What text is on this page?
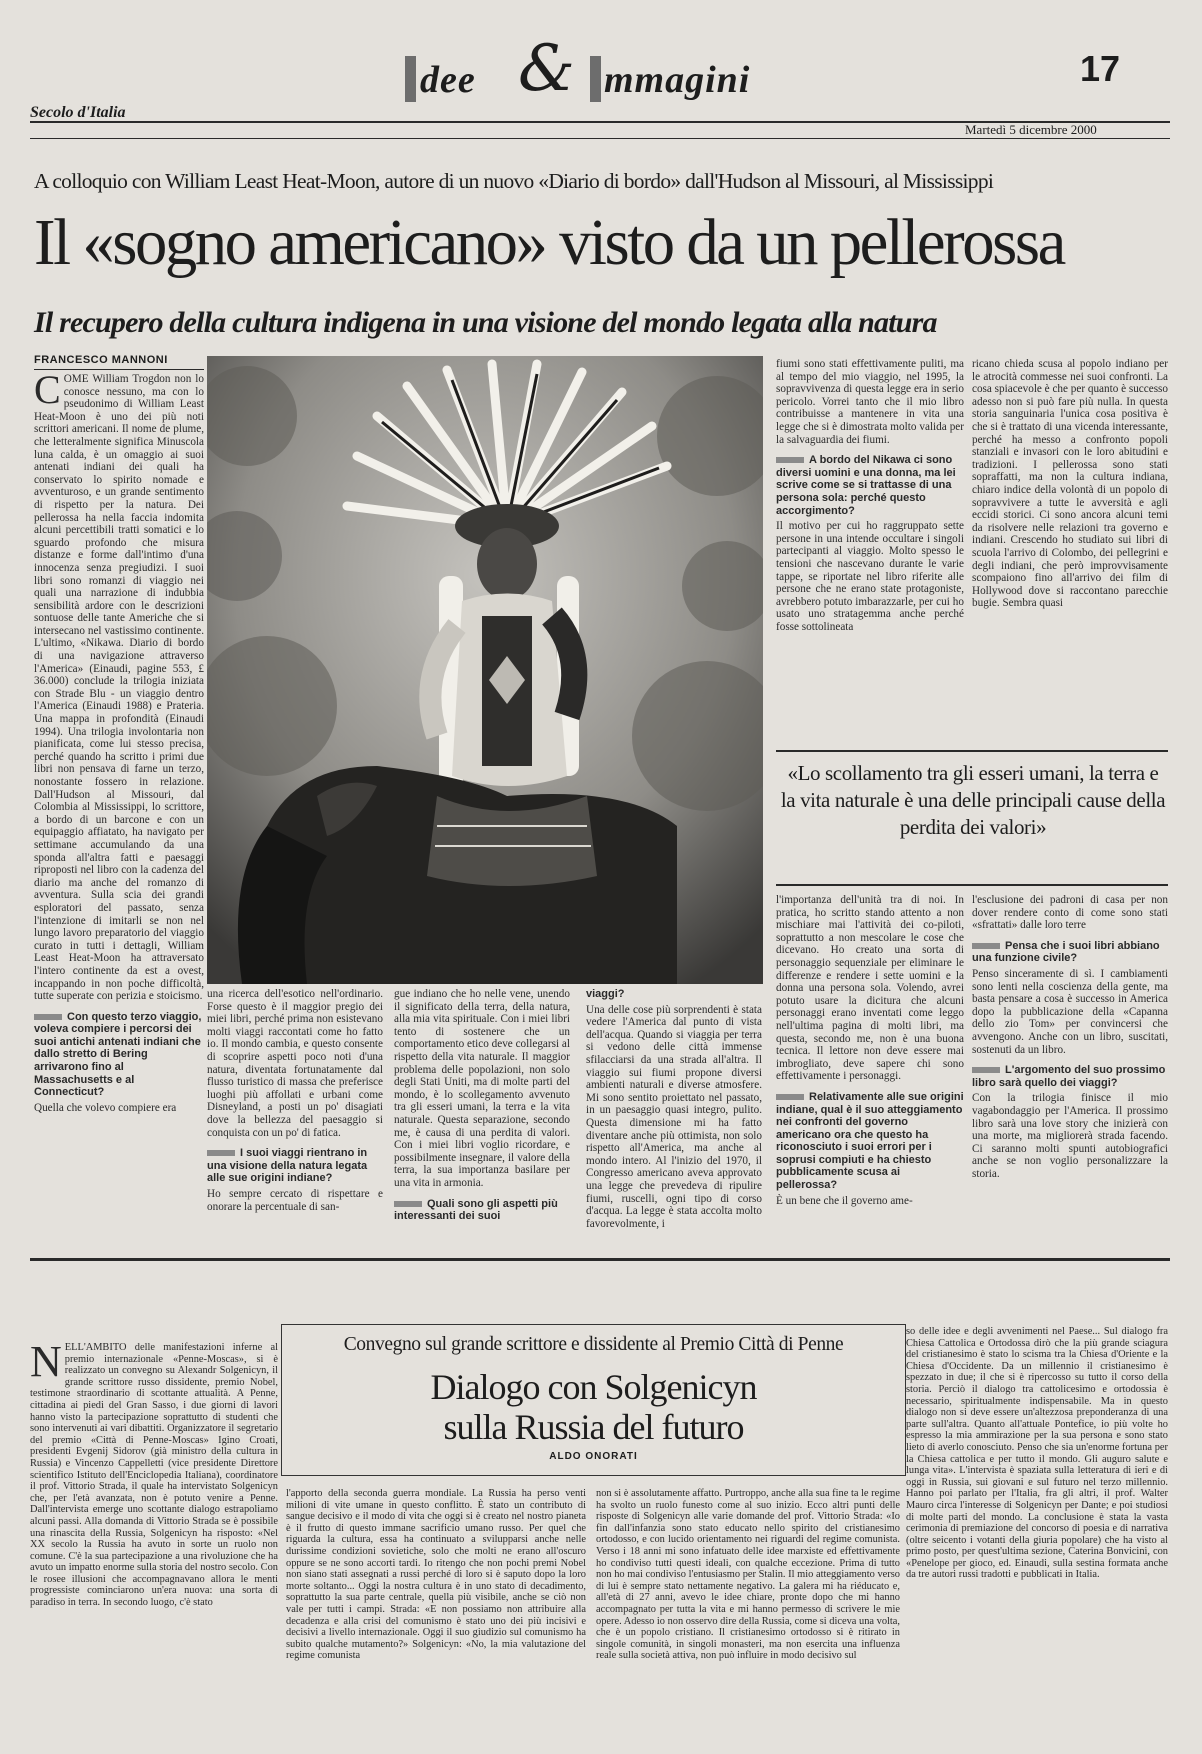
dee & mmagini	17
Secolo d'Italia
Martedì 5 dicembre 2000
A colloquio con William Least Heat-Moon, autore di un nuovo «Diario di bordo» dall'Hudson al Missouri, al Mississippi
Il «sogno americano» visto da un pellerossa
Il recupero della cultura indigena in una visione del mondo legata alla natura
FRANCESCO MANNONI
C OME William Trogdon non lo conosce nessuno, ma con lo pseudonimo di William Least Heat-Moon è uno dei più noti scrittori americani. Il nome de plume, che letteralmente significa Minuscola luna calda, è un omaggio ai suoi antenati indiani dei quali ha conservato lo spirito nomade e avventuroso, e un grande sentimento di rispetto per la natura. Dei pellerossa ha nella faccia indomita alcuni percettibili tratti somatici e lo sguardo profondo che misura distanze e forme dall'intimo d'una innocenza senza pregiudizi. I suoi libri sono romanzi di viaggio nei quali una narrazione di indubbia sensibilità ardore con le descrizioni sontuose delle tante Americhe che si intersecano nel vastissimo continente. L'ultimo, «Nikawa. Diario di bordo di una navigazione attraverso l'America» (Einaudi, pagine 553, £ 36.000) conclude la trilogia iniziata con Strade Blu - un viaggio dentro l'America (Einaudi 1988) e Prateria. Una mappa in profondità (Einaudi 1994). Una trilogia involontaria non pianificata, come lui stesso precisa, perché quando ha scritto i primi due libri non pensava di farne un terzo, nonostante fossero in relazione. Dall'Hudson al Missouri, dal Colombia al Mississippi, lo scrittore, a bordo di un barcone e con un equipaggio affiatato, ha navigato per settimane accumulando da una sponda all'altra fatti e paesaggi riproposti nel libro con la cadenza del diario ma anche del romanzo di avventura. Sulla scia dei grandi esploratori del passato, senza l'intenzione di imitarli se non nel lungo lavoro preparatorio del viaggio curato in tutti i dettagli, William Least Heat-Moon ha attraversato l'intero continente da est a ovest, incappando in non poche difficoltà, tutte superate con perizia e stoicismo.
Con questo terzo viaggio, voleva compiere i percorsi dei suoi antichi antenati indiani che dallo stretto di Bering arrivarono fino al Massachusetts e al Connecticut?
Quella che volevo compiere era
una ricerca dell'esotico nell'ordinario. Forse questo è il maggior pregio dei miei libri, perché prima non esistevano molti viaggi raccontati come ho fatto io. Il mondo cambia, e questo consente di scoprire aspetti poco noti d'una natura, diventata fortunatamente dal flusso turistico di massa che preferisce luoghi più affollati e urbani come Disneyland, a posti un po' disagiati dove la bellezza del paesaggio si conquista con un po' di fatica.
I suoi viaggi rientrano in una visione della natura legata alle sue origini indiane?
Ho sempre cercato di rispettare e onorare la percentuale di san-
gue indiano che ho nelle vene, unendo il significato della terra, della natura, alla mia vita spirituale. Con i miei libri tento di sostenere che un comportamento etico deve collegarsi al rispetto della vita naturale. Il maggior problema delle popolazioni, non solo degli Stati Uniti, ma di molte parti del mondo, è lo scollegamento avvenuto tra gli esseri umani, la terra e la vita naturale. Questa separazione, secondo me, è causa di una perdita di valori. Con i miei libri voglio ricordare, e possibilmente insegnare, il valore della terra, la sua importanza basilare per una vita in armonia.
Quali sono gli aspetti più interessanti dei suoi
viaggi?
Una delle cose più sorprendenti è stata vedere l'America dal punto di vista dell'acqua. Quando si viaggia per terra si vedono delle città immense sfilacciarsi da una strada all'altra. Il viaggio sui fiumi propone diversi ambienti naturali e diverse atmosfere. Mi sono sentito proiettato nel passato, in un paesaggio quasi integro, pulito. Questa dimensione mi ha fatto diventare anche più ottimista, non solo rispetto all'America, ma anche al mondo intero. Al l'inizio del 1970, il Congresso americano aveva approvato una legge che prevedeva di ripulire fiumi, ruscelli, ogni tipo di corso d'acqua. La legge è stata accolta molto favorevolmente, i
fiumi sono stati effettivamente puliti, ma al tempo del mio viaggio, nel 1995, la sopravvivenza di questa legge era in serio pericolo. Vorrei tanto che il mio libro contribuisse a mantenere in vita una legge che si è dimostrata molto valida per la salvaguardia dei fiumi.
A bordo del Nikawa ci sono diversi uomini e una donna, ma lei scrive come se si trattasse di una persona sola: perché questo accorgimento?
Il motivo per cui ho raggruppato sette persone in una intende occultare i singoli partecipanti al viaggio. Molto spesso le tensioni che nascevano durante le varie tappe, se riportate nel libro riferite alle persone che ne erano state protagoniste, avrebbero potuto imbarazzarle, per cui ho usato uno stratagemma anche perché fosse sottolineata
ricano chieda scusa al popolo indiano per le atrocità commesse nei suoi confronti. La cosa spiacevole è che per quanto è successo adesso non si può fare più nulla. In questa storia sanguinaria l'unica cosa positiva è che si è trattato di una vicenda interessante, perché ha messo a confronto popoli stanziali e invasori con le loro abitudini e tradizioni. I pellerossa sono stati sopraffatti, ma non la cultura indiana, chiaro indice della volontà di un popolo di sopravvivere a tutte le avversità e agli eccidi storici. Ci sono ancora alcuni temi da risolvere nelle relazioni tra governo e indiani. Crescendo ho studiato sui libri di scuola l'arrivo di Colombo, dei pellegrini e degli indiani, che però improvvisamente scompaiono fino all'arrivo dei film di Hollywood dove si raccontano parecchie bugie. Sembra quasi
«Lo scollamento tra gli esseri umani, la terra e la vita naturale è una delle principali cause della perdita dei valori»
l'importanza dell'unità tra di noi. In pratica, ho scritto stando attento a non mischiare mai l'attività dei co-piloti, soprattutto a non mescolare le cose che dicevano. Ho creato una sorta di personaggio sequenziale per eliminare le differenze e rendere i sette uomini e la donna una persona sola. Volendo, avrei potuto usare la dicitura che alcuni personaggi erano inventati come leggo nell'ultima pagina di molti libri, ma questa, secondo me, non è una buona tecnica. Il lettore non deve essere mai imbrogliato, deve sapere chi sono effettivamente i personaggi.
Relativamente alle sue origini indiane, qual è il suo atteggiamento nei confronti del governo americano ora che questo ha riconosciuto i suoi errori per i soprusi compiuti e ha chiesto pubblicamente scusa ai pellerossa?
È un bene che il governo ame-
l'esclusione dei padroni di casa per non dover rendere conto di come sono stati «sfrattati» dalle loro terre
Pensa che i suoi libri abbiano una funzione civile?
Penso sinceramente di sì. I cambiamenti sono lenti nella coscienza della gente, ma basta pensare a cosa è successo in America dopo la pubblicazione della «Capanna dello zio Tom» per convincersi che avvengono. Anche con un libro, suscitati, sostenuti da un libro.
L'argomento del suo prossimo libro sarà quello dei viaggi?
Con la trilogia finisce il mio vagabondaggio per l'America. Il prossimo libro sarà una love story che inizierà con una morte, ma migliorerà strada facendo. Ci saranno molti spunti autobiografici anche se non voglio personalizzare la storia.
N ELL'AMBITO delle manifestazioni inferne al premio internazionale «Penne-Moscas», si è realizzato un convegno su Alexandr Solgenicyn, il grande scrittore russo dissidente, premio Nobel, testimone straordinario di scottante attualità. A Penne, cittadina ai piedi del Gran Sasso, i due giorni di lavori hanno visto la partecipazione soprattutto di studenti che sono intervenuti ai vari dibattiti. Organizzatore il segretario del premio «Città di Penne-Moscas» Igino Croati, presidenti Evgenij Sidorov (già ministro della cultura in Russia) e Vincenzo Cappelletti (vice presidente Direttore scientifico Istituto dell'Enciclopedia Italiana), coordinatore il prof. Vittorio Strada, il quale ha intervistato Solgenicyn che, per l'età avanzata, non è potuto venire a Penne. Dall'intervista emerge uno scottante dialogo estrapoliamo alcuni passi. Alla domanda di Vittorio Strada se è possibile una rinascita della Russia, Solgenicyn ha risposto: «Nel XX secolo la Russia ha avuto in sorte un ruolo non comune. C'è la sua partecipazione a una rivoluzione che ha avuto un impatto enorme sulla storia del nostro secolo. Con le rosee illusioni che accompagnavano allora le menti progressiste cominciarono un'era nuova: una sorta di paradiso in terra. In secondo luogo, c'è stato
Convegno sul grande scrittore e dissidente al Premio Città di Penne
Dialogo con Solgenicyn
sulla Russia del futuro
ALDO ONORATI
l'apporto della seconda guerra mondiale. La Russia ha perso venti milioni di vite umane in questo conflitto. È stato un contributo di sangue decisivo e il modo di vita che oggi si è creato nel nostro pianeta è il frutto di questo immane sacrificio umano russo. Per quel che riguarda la cultura, essa ha continuato a svilupparsi anche nelle durissime condizioni sovietiche, solo che molti ne erano all'oscuro oppure se ne sono accorti tardi. Io ritengo che non pochi premi Nobel non siano stati assegnati a russi perché di loro si è saputo dopo la loro morte soltanto... Oggi la nostra cultura è in uno stato di decadimento, soprattutto la sua parte centrale, quella più visibile, anche se ciò non vale per tutti i campi. Strada: «E non possiamo non attribuire alla decadenza e alla crisi del comunismo è stato uno dei più incisivi e decisivi a livello internazionale. Oggi il suo giudizio sul comunismo ha subito qualche mutamento?» Solgenicyn: «No, la mia valutazione del regime comunista
non si è assolutamente affatto. Purtroppo, anche alla sua fine ta le regime ha svolto un ruolo funesto come al suo inizio. Ecco altri punti delle risposte di Solgenicyn alle varie domande del prof. Vittorio Strada: «Io fin dall'infanzia sono stato educato nello spirito del cristianesimo ortodosso, e con lucido orientamento nei riguardi del regime comunista. Verso i 18 anni mi sono infatuato delle idee marxiste ed effettivamente ho condiviso tutti questi ideali, con qualche eccezione. Prima di tutto non ho mai condiviso l'entusiasmo per Stalin. Il mio atteggiamento verso di lui è sempre stato nettamente negativo. La galera mi ha riéducato e, all'età di 27 anni, avevo le idee chiare, pronte dopo che mi hanno accompagnato per tutta la vita e mi hanno permesso di scrivere le mie opere. Adesso io non osservo dire della Russia, come si diceva una volta, che è un popolo cristiano. Il cristianesimo ortodosso si è ritirato in singole comunità, in singoli monasteri, ma non esercita una influenza reale sulla società attiva, non può influire in modo decisivo sul
so delle idee e degli avvenimenti nel Paese... Sul dialogo fra Chiesa Cattolica e Ortodossa dirò che la più grande sciagura del cristianesimo è stato lo scisma tra la Chiesa d'Oriente e la Chiesa d'Occidente. Da un millennio il cristianesimo è spezzato in due; il che si è ripercosso su tutto il corso della storia. Perciò il dialogo tra cattolicesimo e ortodossia è necessario, spiritualmente indispensabile. Ma in questo dialogo non si deve essere un'altezzosa preponderanza di una parte sull'altra. Quanto all'attuale Pontefice, io più volte ho espresso la mia ammirazione per la sua persona e sono stato lieto di averlo conosciuto. Penso che sia un'enorme fortuna per la Chiesa cattolica e per tutto il mondo. Gli auguro salute e lunga vita». L'intervista è spaziata sulla letteratura di ieri e di oggi in Russia, sui giovani e sul futuro nel terzo millennio. Hanno poi parlato per l'Italia, fra gli altri, il prof. Walter Mauro circa l'interesse di Solgenicyn per Dante; e poi studiosi di molte parti del mondo. La conclusione è stata la vasta cerimonia di premiazione del concorso di poesia e di narrativa (oltre seicento i votanti della giuria popolare) che ha visto al primo posto, per quest'ultima sezione, Caterina Bonvicini, con «Penelope per gioco, ed. Einaudi, sulla sestina formata anche da tre autori russi tradotti e pubblicati in Italia.
